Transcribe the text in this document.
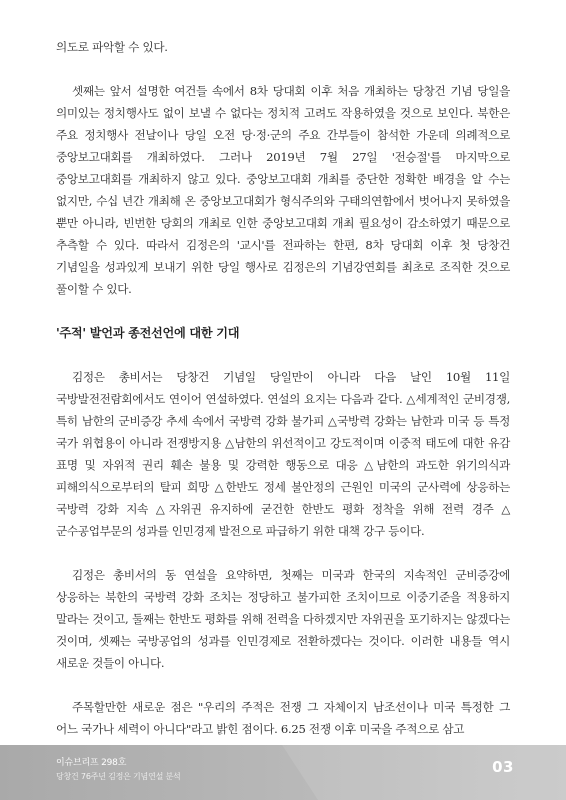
의도로 파악할 수 있다.

셋째는 앞서 설명한 여건들 속에서 8차 당대회 이후 처음 개최하는 당창건 기념 당일을 의미있는 정치행사도 없이 보낼 수 없다는 정치적 고려도 작용하였을 것으로 보인다. 북한은 주요 정치행사 전날이나 당일 오전 당·정·군의 주요 간부들이 참석한 가운데 의례적으로 중앙보고대회를 개최하였다. 그러나 2019년 7월 27일 '전승절'를 마지막으로 중앙보고대회를 개최하지 않고 있다. 중앙보고대회 개최를 중단한 정확한 배경을 알 수는 없지만, 수십 년간 개최해 온 중앙보고대회가 형식주의와 구태의연함에서 벗어나지 못하였을 뿐만 아니라, 빈번한 당회의 개최로 인한 중앙보고대회 개최 필요성이 감소하였기 때문으로 추측할 수 있다. 따라서 김정은의 '교시'를 전파하는 한편, 8차 당대회 이후 첫 당창건 기념일을 성과있게 보내기 위한 당일 행사로 김정은의 기념강연회를 최초로 조직한 것으로 풀이할 수 있다.

'주적' 발언과 종전선언에 대한 기대

김정은 총비서는 당창건 기념일 당일만이 아니라 다음 날인 10월 11일 국방발전전람회에서도 연이어 연설하였다. 연설의 요지는 다음과 같다. △세계적인 군비경쟁, 특히 남한의 군비증강 추세 속에서 국방력 강화 불가피 △국방력 강화는 남한과 미국 등 특정 국가 위협용이 아니라 전쟁방지용 △남한의 위선적이고 강도적이며 이중적 태도에 대한 유감 표명 및 자위적 권리 훼손 불용 및 강력한 행동으로 대응 △남한의 과도한 위기의식과 피해의식으로부터의 탈피 희망 △한반도 정세 불안정의 근원인 미국의 군사력에 상응하는 국방력 강화 지속 △자위권 유지하에 굳건한 한반도 평화 정착을 위해 전력 경주 △군수공업부문의 성과를 인민경제 발전으로 파급하기 위한 대책 강구 등이다.

김정은 총비서의 동 연설을 요약하면, 첫째는 미국과 한국의 지속적인 군비증강에 상응하는 북한의 국방력 강화 조치는 정당하고 불가피한 조치이므로 이중기준을 적용하지 말라는 것이고, 둘째는 한반도 평화를 위해 전력을 다하겠지만 자위권을 포기하지는 않겠다는 것이며, 셋째는 국방공업의 성과를 인민경제로 전환하겠다는 것이다. 이러한 내용들 역시 새로운 것들이 아니다.

주목할만한 새로운 점은 "우리의 주적은 전쟁 그 자체이지 남조선이나 미국 특정한 그 어느 국가나 세력이 아니다"라고 밝힌 점이다. 6.25 전쟁 이후 미국을 주적으로 삼고

이슈브리프 298호
당창건 76주년 김정은 기념연설 분석
03
